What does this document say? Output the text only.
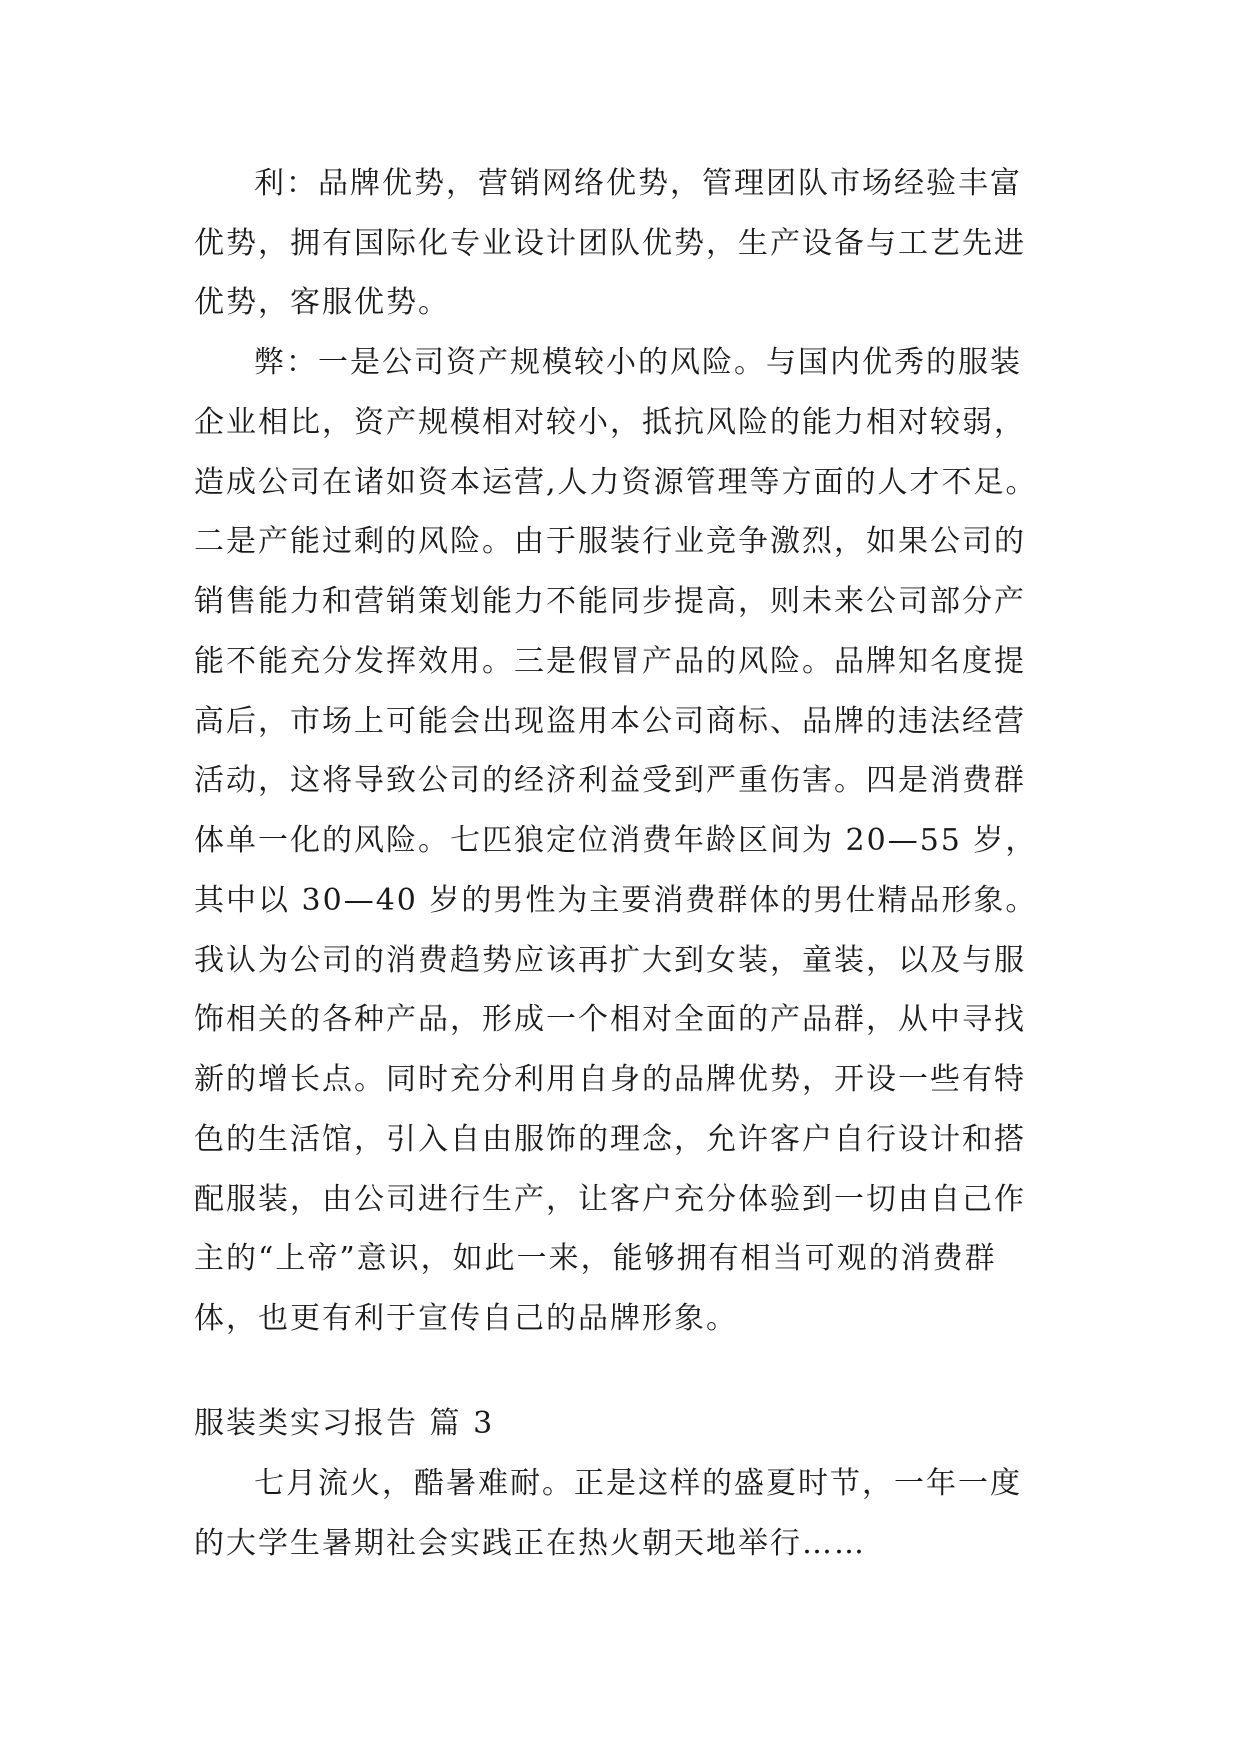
利：品牌优势，营销网络优势，管理团队市场经验丰富
优势，拥有国际化专业设计团队优势，生产设备与工艺先进
优势，客服优势。
弊：一是公司资产规模较小的风险。与国内优秀的服装
企业相比，资产规模相对较小，抵抗风险的能力相对较弱，
造成公司在诸如资本运营,人力资源管理等方面的人才不足。
二是产能过剩的风险。由于服装行业竞争激烈，如果公司的
销售能力和营销策划能力不能同步提高，则未来公司部分产
能不能充分发挥效用。三是假冒产品的风险。品牌知名度提
高后，市场上可能会出现盗用本公司商标、品牌的违法经营
活动，这将导致公司的经济利益受到严重伤害。四是消费群
体单一化的风险。七匹狼定位消费年龄区间为 20—55 岁，
其中以 30—40 岁的男性为主要消费群体的男仕精品形象。
我认为公司的消费趋势应该再扩大到女装，童装，以及与服
饰相关的各种产品，形成一个相对全面的产品群，从中寻找
新的增长点。同时充分利用自身的品牌优势，开设一些有特
色的生活馆，引入自由服饰的理念，允许客户自行设计和搭
配服装，由公司进行生产，让客户充分体验到一切由自己作
主的“上帝”意识，如此一来，能够拥有相当可观的消费群
体，也更有利于宣传自己的品牌形象。
服装类实习报告 篇 3
七月流火，酷暑难耐。正是这样的盛夏时节，一年一度
的大学生暑期社会实践正在热火朝天地举行……
